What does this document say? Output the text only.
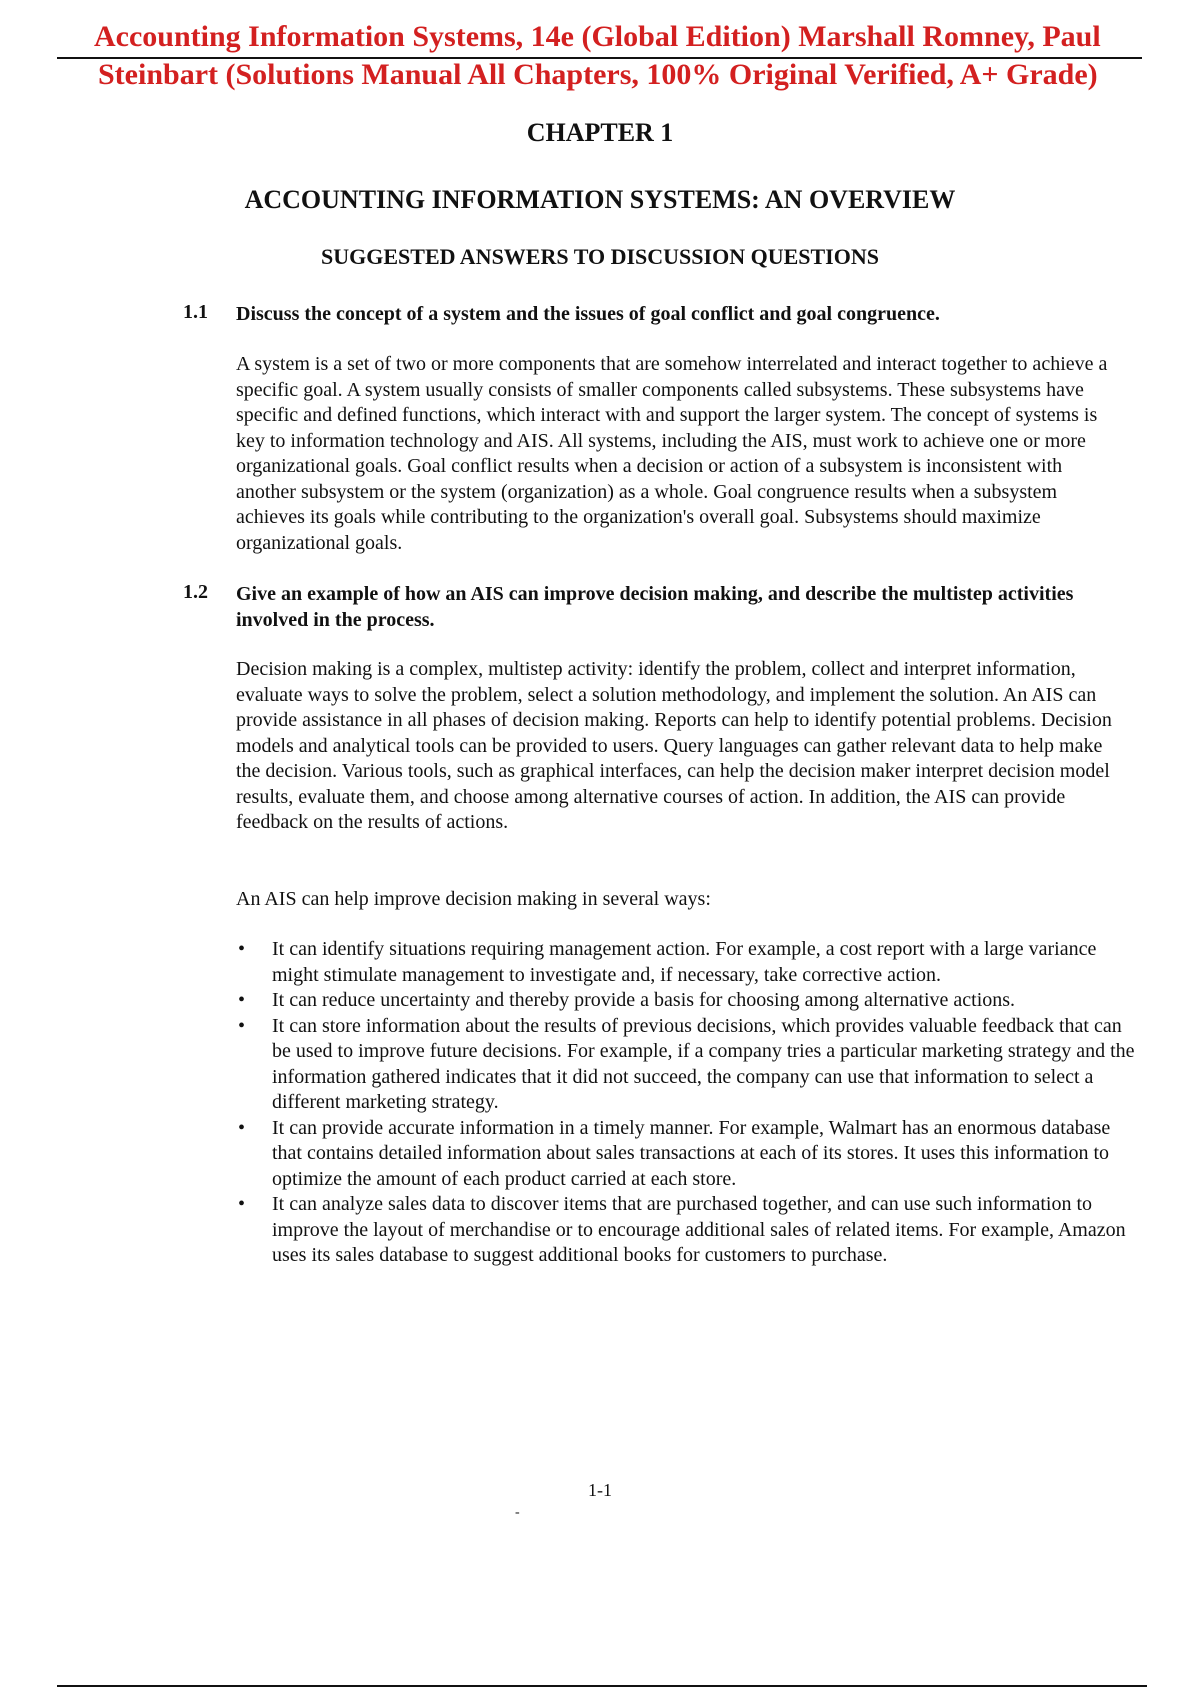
Accounting Information Systems, 14e (Global Edition) Marshall Romney, Paul
Steinbart (Solutions Manual All Chapters, 100% Original Verified, A+ Grade)
CHAPTER 1
ACCOUNTING INFORMATION SYSTEMS: AN OVERVIEW
SUGGESTED ANSWERS TO DISCUSSION QUESTIONS
1.1 Discuss the concept of a system and the issues of goal conflict and goal congruence.
A system is a set of two or more components that are somehow interrelated and interact together to achieve a specific goal. A system usually consists of smaller components called subsystems. These subsystems have specific and defined functions, which interact with and support the larger system. The concept of systems is key to information technology and AIS. All systems, including the AIS, must work to achieve one or more organizational goals. Goal conflict results when a decision or action of a subsystem is inconsistent with another subsystem or the system (organization) as a whole. Goal congruence results when a subsystem achieves its goals while contributing to the organization's overall goal. Subsystems should maximize organizational goals.
1.2 Give an example of how an AIS can improve decision making, and describe the multistep activities involved in the process.
Decision making is a complex, multistep activity: identify the problem, collect and interpret information, evaluate ways to solve the problem, select a solution methodology, and implement the solution. An AIS can provide assistance in all phases of decision making. Reports can help to identify potential problems. Decision models and analytical tools can be provided to users. Query languages can gather relevant data to help make the decision. Various tools, such as graphical interfaces, can help the decision maker interpret decision model results, evaluate them, and choose among alternative courses of action. In addition, the AIS can provide feedback on the results of actions.
An AIS can help improve decision making in several ways:
• It can identify situations requiring management action. For example, a cost report with a large variance might stimulate management to investigate and, if necessary, take corrective action.
• It can reduce uncertainty and thereby provide a basis for choosing among alternative actions.
• It can store information about the results of previous decisions, which provides valuable feedback that can be used to improve future decisions. For example, if a company tries a particular marketing strategy and the information gathered indicates that it did not succeed, the company can use that information to select a different marketing strategy.
• It can provide accurate information in a timely manner. For example, Walmart has an enormous database that contains detailed information about sales transactions at each of its stores. It uses this information to optimize the amount of each product carried at each store.
• It can analyze sales data to discover items that are purchased together, and can use such information to improve the layout of merchandise or to encourage additional sales of related items. For example, Amazon uses its sales database to suggest additional books for customers to purchase.
1-1
-
